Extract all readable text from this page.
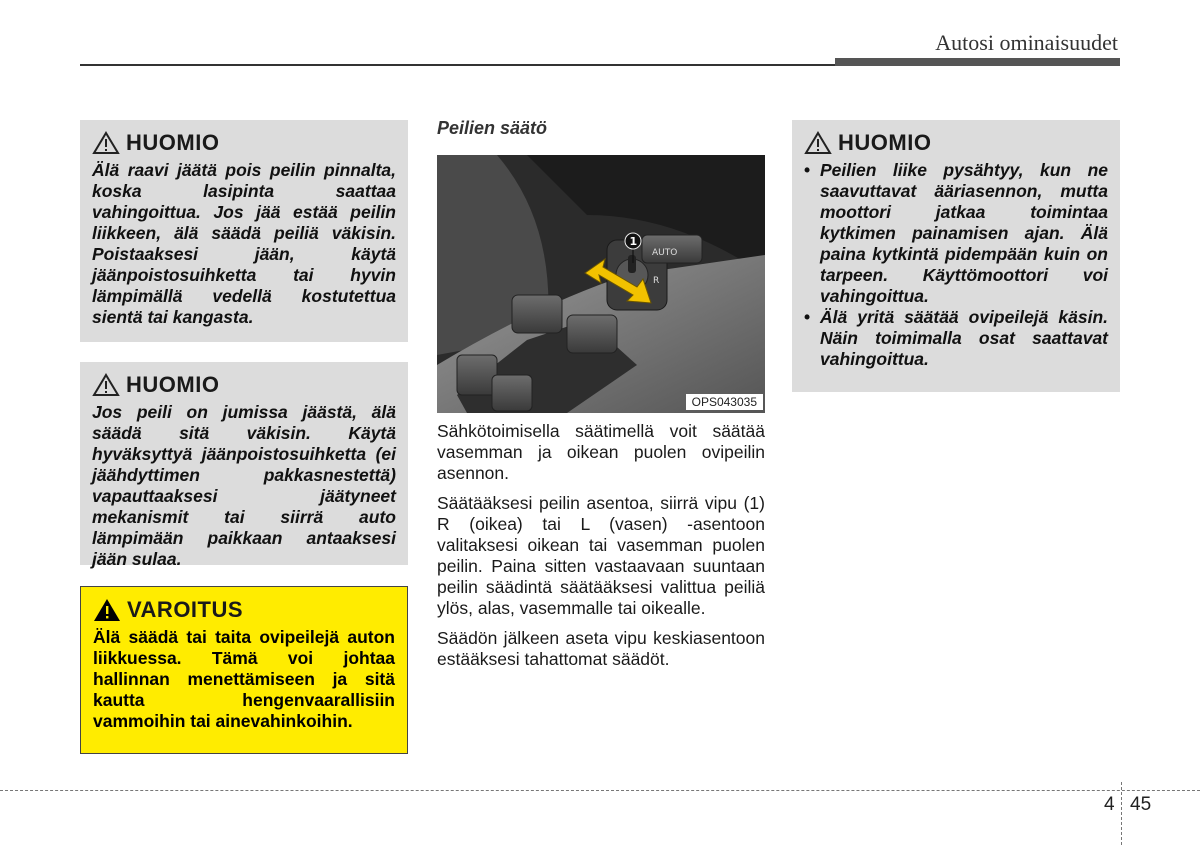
Autosi ominaisuudet
HUOMIO
Älä raavi jäätä pois peilin pinnalta, koska lasipinta saattaa vahingoittua. Jos jää estää peilin liikkeen, älä säädä peiliä väkisin. Poistaaksesi jään, käytä jäänpoistosuihketta tai hyvin lämpimällä vedellä kostutettua sientä tai kangasta.
HUOMIO
Jos peili on jumissa jäästä, älä säädä sitä väkisin. Käytä hyväksyttyä jäänpoistosuihketta (ei jäähdyttimen pakkasnestettä) vapauttaaksesi jäätyneet mekanismit tai siirrä auto lämpimään paikkaan antaaksesi jään sulaa.
VAROITUS
Älä säädä tai taita ovipeilejä auton liikkuessa. Tämä voi johtaa hallinnan menettämiseen ja sitä kautta hengenvaarallisiin vammoihin tai ainevahinkoihin.
Peilien säätö
AUTO
R
1
OPS043035

Sähkötoimisella säätimellä voit säätää vasemman ja oikean puolen ovipeilin asennon.

Säätääksesi peilin asentoa, siirrä vipu (1) R (oikea) tai L (vasen) -asentoon valitaksesi oikean tai vasemman puolen peilin. Paina sitten vastaavaan suuntaan peilin säädintä säätääksesi valittua peiliä ylös, alas, vasemmalle tai oikealle.

Säädön jälkeen aseta vipu keskiasentoon estääksesi tahattomat säädöt.

HUOMIO
• Peilien liike pysähtyy, kun ne saavuttavat ääriasennon, mutta moottori jatkaa toimintaa kytkimen painamisen ajan. Älä paina kytkintä pidempään kuin on tarpeen. Käyttömoottori voi vahingoittua.
• Älä yritä säätää ovipeilejä käsin. Näin toimimalla osat saattavat vahingoittua.
4 45
